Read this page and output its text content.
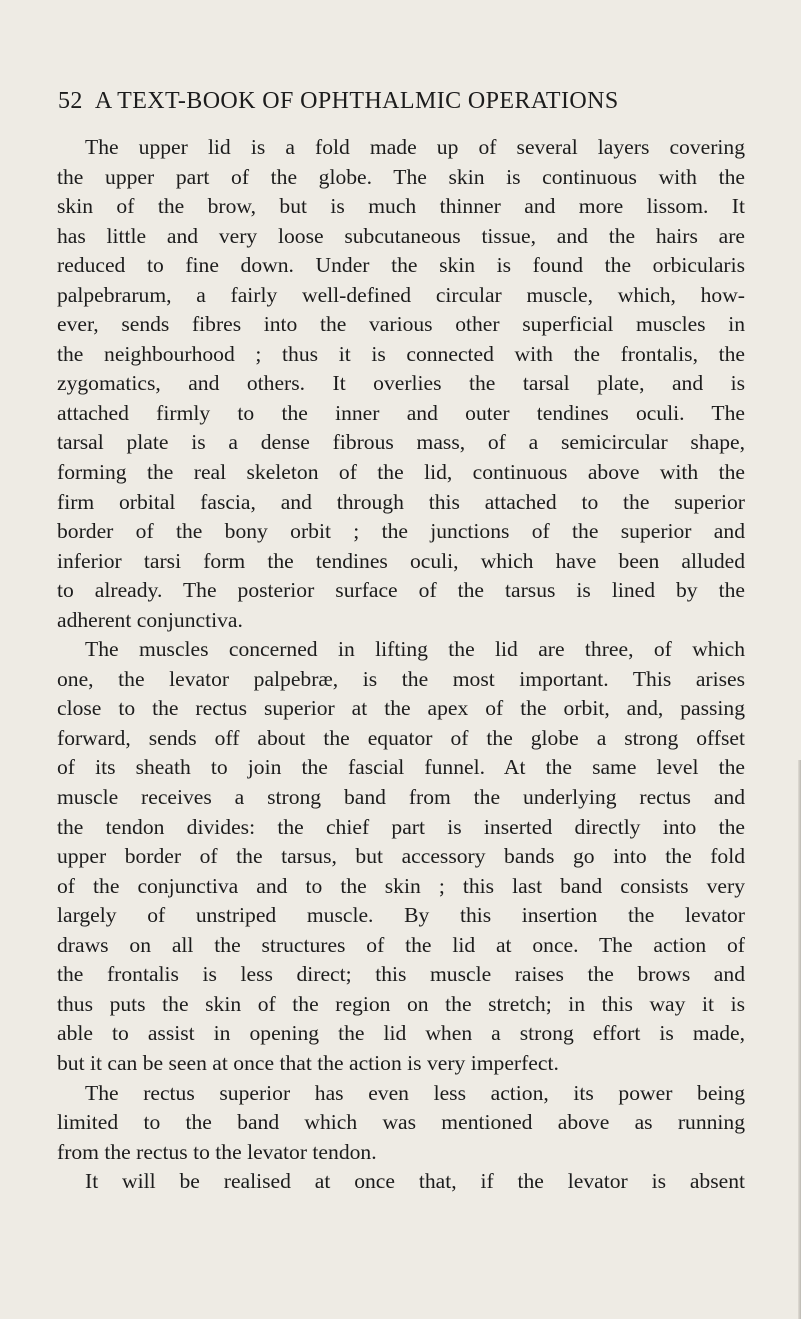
52 A TEXT-BOOK OF OPHTHALMIC OPERATIONS
The upper lid is a fold made up of several layers covering
the upper part of the globe. The skin is continuous with the
skin of the brow, but is much thinner and more lissom. It
has little and very loose subcutaneous tissue, and the hairs are
reduced to fine down. Under the skin is found the orbicularis
palpebrarum, a fairly well-defined circular muscle, which, how-
ever, sends fibres into the various other superficial muscles in
the neighbourhood ; thus it is connected with the frontalis, the
zygomatics, and others. It overlies the tarsal plate, and is
attached firmly to the inner and outer tendines oculi. The
tarsal plate is a dense fibrous mass, of a semicircular shape,
forming the real skeleton of the lid, continuous above with the
firm orbital fascia, and through this attached to the superior
border of the bony orbit ; the junctions of the superior and
inferior tarsi form the tendines oculi, which have been alluded
to already. The posterior surface of the tarsus is lined by the
adherent conjunctiva.
The muscles concerned in lifting the lid are three, of which
one, the levator palpebræ, is the most important. This arises
close to the rectus superior at the apex of the orbit, and, passing
forward, sends off about the equator of the globe a strong offset
of its sheath to join the fascial funnel. At the same level the
muscle receives a strong band from the underlying rectus and
the tendon divides: the chief part is inserted directly into the
upper border of the tarsus, but accessory bands go into the fold
of the conjunctiva and to the skin ; this last band consists very
largely of unstriped muscle. By this insertion the levator
draws on all the structures of the lid at once. The action of
the frontalis is less direct; this muscle raises the brows and
thus puts the skin of the region on the stretch; in this way it is
able to assist in opening the lid when a strong effort is made,
but it can be seen at once that the action is very imperfect.
The rectus superior has even less action, its power being
limited to the band which was mentioned above as running
from the rectus to the levator tendon.
It will be realised at once that, if the levator is absent
